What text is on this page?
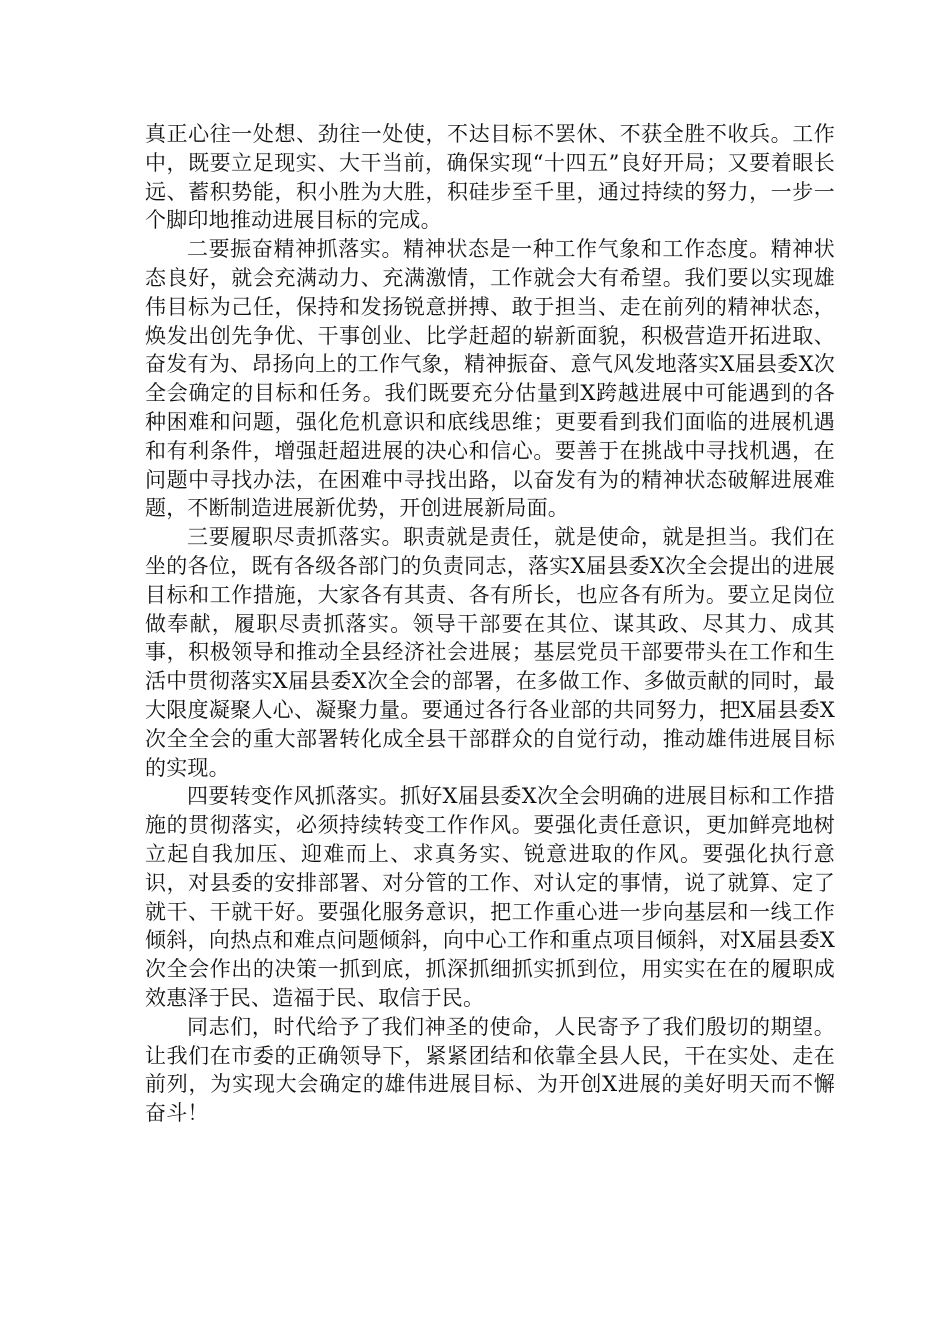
真正心往一处想、劲往一处使，不达目标不罢休、不获全胜不收兵。工作中，既要立足现实、大干当前，确保实现“十四五”良好开局；又要着眼长远、蓄积势能，积小胜为大胜，积硅步至千里，通过持续的努力，一步一个脚印地推动进展目标的完成。

二要振奋精神抓落实。精神状态是一种工作气象和工作态度。精神状态良好，就会充满动力、充满激情，工作就会大有希望。我们要以实现雄伟目标为己任，保持和发扬锐意拼搏、敢于担当、走在前列的精神状态，焕发出创先争优、干事创业、比学赶超的崭新面貌，积极营造开拓进取、奋发有为、昂扬向上的工作气象，精神振奋、意气风发地落实X届县委X次全会确定的目标和任务。我们既要充分估量到X跨越进展中可能遇到的各种困难和问题，强化危机意识和底线思维；更要看到我们面临的进展机遇和有利条件，增强赶超进展的决心和信心。要善于在挑战中寻找机遇，在问题中寻找办法，在困难中寻找出路，以奋发有为的精神状态破解进展难题，不断制造进展新优势，开创进展新局面。

三要履职尽责抓落实。职责就是责任，就是使命，就是担当。我们在坐的各位，既有各级各部门的负责同志，落实X届县委X次全会提出的进展目标和工作措施，大家各有其责、各有所长，也应各有所为。要立足岗位做奉献，履职尽责抓落实。领导干部要在其位、谋其政、尽其力、成其事，积极领导和推动全县经济社会进展；基层党员干部要带头在工作和生活中贯彻落实X届县委X次全会的部署，在多做工作、多做贡献的同时，最大限度凝聚人心、凝聚力量。要通过各行各业部的共同努力，把X届县委X次全全会的重大部署转化成全县干部群众的自觉行动，推动雄伟进展目标的实现。

四要转变作风抓落实。抓好X届县委X次全会明确的进展目标和工作措施的贯彻落实，必须持续转变工作作风。要强化责任意识，更加鲜亮地树立起自我加压、迎难而上、求真务实、锐意进取的作风。要强化执行意识，对县委的安排部署、对分管的工作、对认定的事情，说了就算、定了就干、干就干好。要强化服务意识，把工作重心进一步向基层和一线工作倾斜，向热点和难点问题倾斜，向中心工作和重点项目倾斜，对X届县委X次全会作出的决策一抓到底，抓深抓细抓实抓到位，用实实在在的履职成效惠泽于民、造福于民、取信于民。

同志们，时代给予了我们神圣的使命，人民寄予了我们殷切的期望。让我们在市委的正确领导下，紧紧团结和依靠全县人民，干在实处、走在前列，为实现大会确定的雄伟进展目标、为开创X进展的美好明天而不懈奋斗！
